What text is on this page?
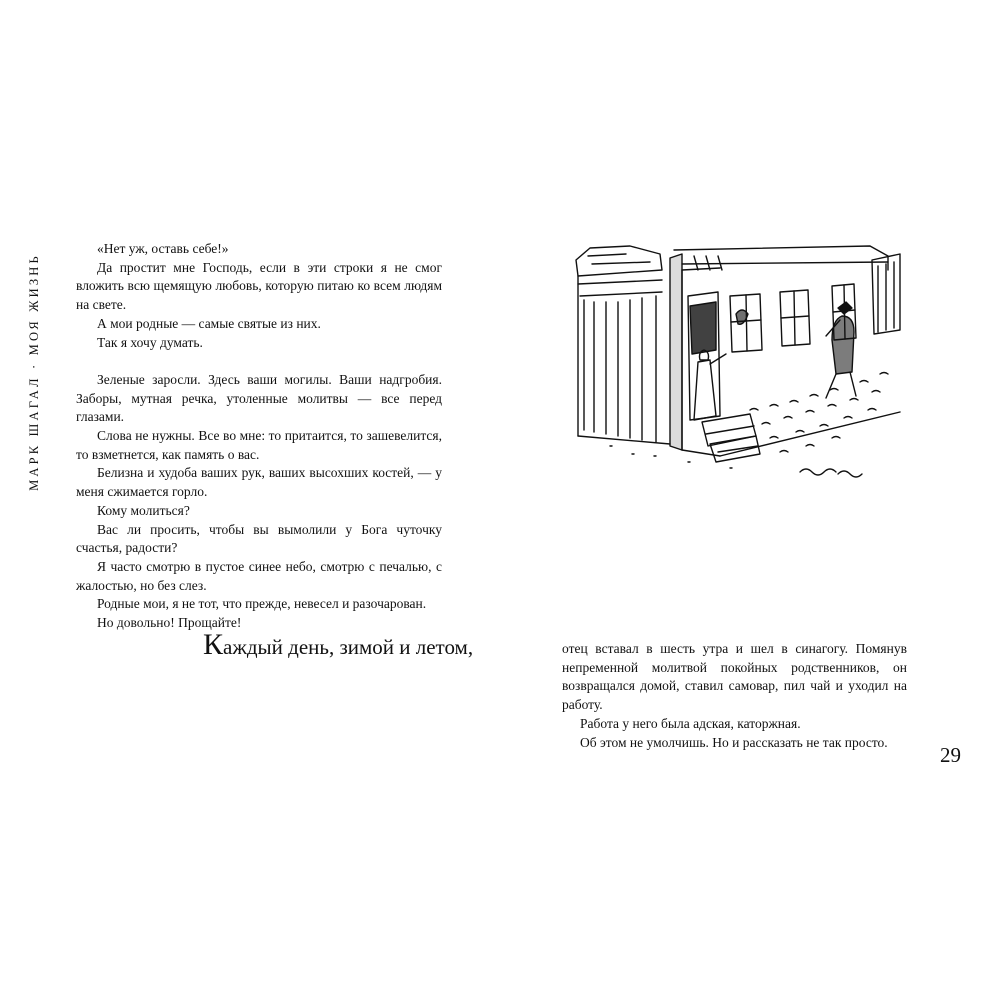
МАРК ШАГАЛ · МОЯ ЖИЗНЬ

«Нет уж, оставь себе!»

Да простит мне Господь, если в эти строки я не смог вложить всю щемящую любовь, которую питаю ко всем людям на свете.

А мои родные — самые святые из них.

Так я хочу думать.

Зеленые заросли. Здесь ваши могилы. Ваши надгробия. Заборы, мутная речка, утоленные молитвы — все перед глазами.

Слова не нужны. Все во мне: то притаится, то зашевелится, то взметнется, как память о вас.

Белизна и худоба ваших рук, ваших высохших костей, — у меня сжимается горло.

Кому молиться?

Вас ли просить, чтобы вы вымолили у Бога чуточку счастья, радости?

Я часто смотрю в пустое синее небо, смотрю с печалью, с жалостью, но без слез.

Родные мои, я не тот, что прежде, невесел и разочарован.

Но довольно! Прощайте!

Каждый день, зимой и летом,	отец вставал в шесть утра и шел в синагогу. Помянув непременной молитвой покойных родственников, он возвращался домой, ставил самовар, пил чай и уходил на работу.

Работа у него была адская, каторжная.

Об этом не умолчишь. Но и рассказать не так просто.

29
